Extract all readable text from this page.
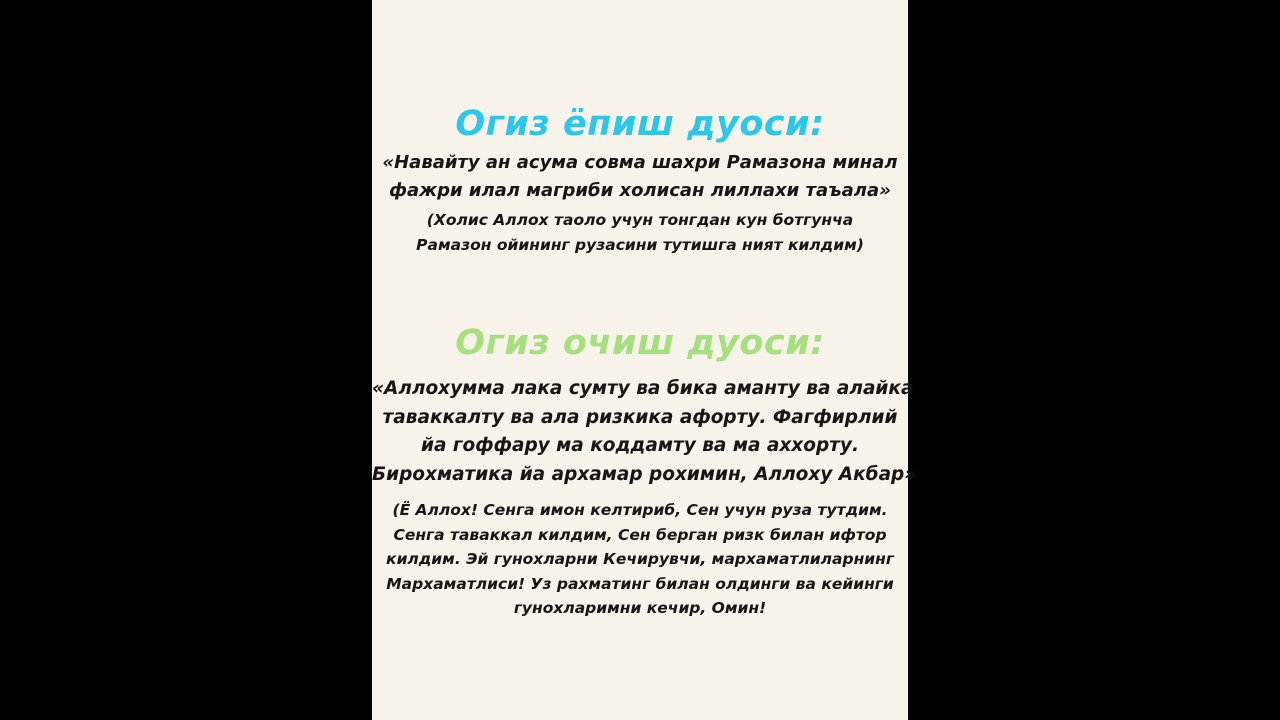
Огиз ёпиш дуоси:
«Навайту ан асума совма шахри Рамазона минал
фажри илал магриби холисан лиллахи таъала»
(Холис Аллох таоло учун тонгдан кун ботгунча
Рамазон ойининг рузасини тутишга ният килдим)
Огиз очиш дуоси:
«Аллохумма лака сумту ва бика аманту ва алайка
таваккалту ва ала ризкика афорту. Фагфирлий
йа гоффару ма коддамту ва ма аххорту.
Бирохматика йа архамар рохимин, Аллоху Акбар»
(Ё Аллох! Сенга имон келтириб, Сен учун руза тутдим.
Сенга таваккал килдим, Сен берган ризк билан ифтор
килдим. Эй гунохларни Кечирувчи, мархаматлиларнинг
Мархаматлиси! Уз рахматинг билан олдинги ва кейинги
гунохларимни кечир, Омин!
